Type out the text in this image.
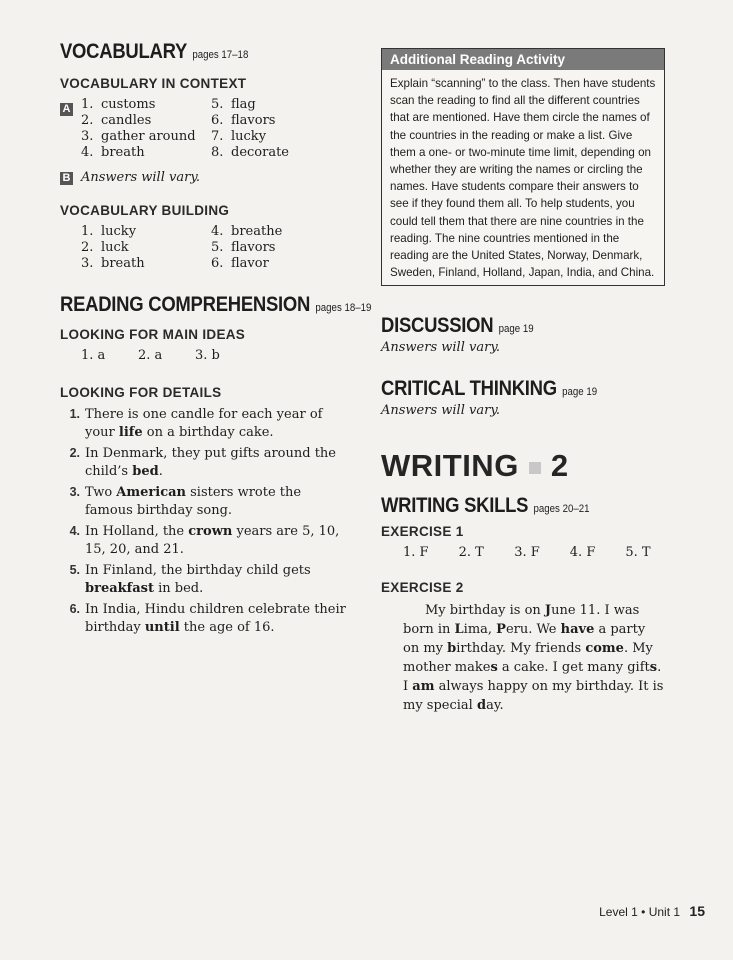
VOCABULARY pages 17–18
VOCABULARY IN CONTEXT
A 1. customs	5. flag
2. candles	6. flavors
3. gather around 7. lucky
4. breath	8. decorate
B Answers will vary.
VOCABULARY BUILDING
1. lucky	4. breathe
2. luck	5. flavors
3. breath	6. flavor
READING COMPREHENSION pages 18–19
LOOKING FOR MAIN IDEAS
1. a	2. a	3. b
LOOKING FOR DETAILS
1. There is one candle for each year of your life on a birthday cake.
2. In Denmark, they put gifts around the child’s bed.
3. Two American sisters wrote the famous birthday song.
4. In Holland, the crown years are 5, 10, 15, 20, and 21.
5. In Finland, the birthday child gets breakfast in bed.
6. In India, Hindu children celebrate their birthday until the age of 16.
Additional Reading Activity
Explain “scanning” to the class. Then have students scan the reading to find all the different countries that are mentioned. Have them circle the names of the countries in the reading or make a list. Give them a one- or two-minute time limit, depending on whether they are writing the names or circling the names. Have students compare their answers to see if they found them all. To help students, you could tell them that there are nine countries in the reading. The nine countries mentioned in the reading are the United States, Norway, Denmark, Sweden, Finland, Holland, Japan, India, and China.
DISCUSSION page 19
Answers will vary.
CRITICAL THINKING page 19
Answers will vary.
WRITING 2
WRITING SKILLS pages 20–21
EXERCISE 1
1. F	2. T	3. F	4. F	5. T
EXERCISE 2
My birthday is on June 11. I was born in Lima, Peru. We have a party on my birthday. My friends come. My mother makes a cake. I get many gifts. I am always happy on my birthday. It is my special day.
Level 1 • Unit 1 15
